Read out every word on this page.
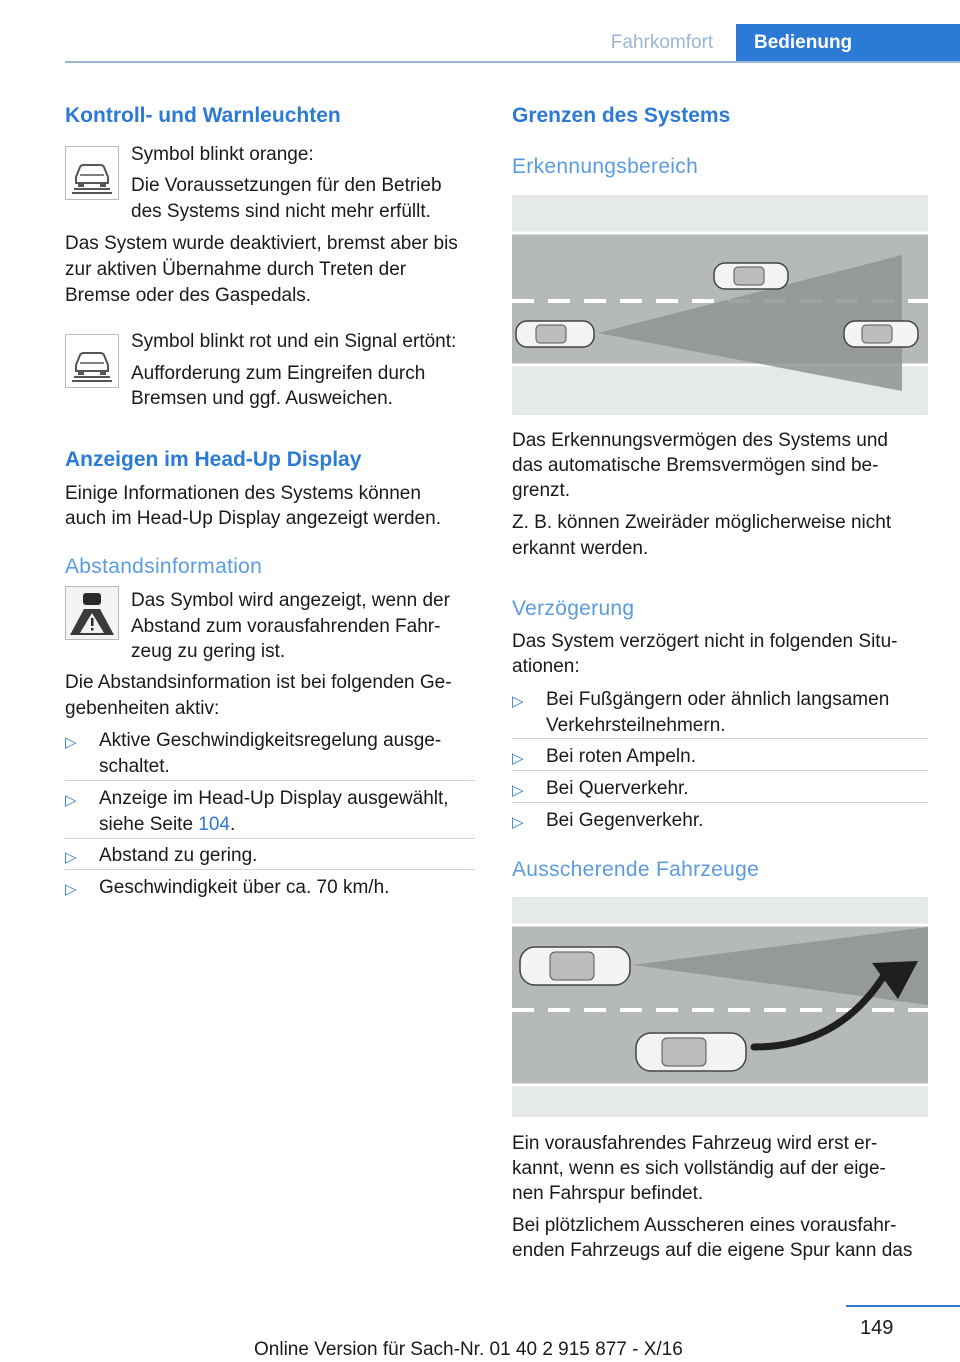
Fahrkomfort	Bedienung
Kontroll- und Warnleuchten
Symbol blinkt orange:
Die Voraussetzungen für den Betrieb
des Systems sind nicht mehr erfüllt.
Das System wurde deaktiviert, bremst aber bis
zur aktiven Übernahme durch Treten der
Bremse oder des Gaspedals.
Symbol blinkt rot und ein Signal ertönt:
Aufforderung zum Eingreifen durch
Bremsen und ggf. Ausweichen.
Anzeigen im Head-Up Display
Einige Informationen des Systems können
auch im Head-Up Display angezeigt werden.
Abstandsinformation
Das Symbol wird angezeigt, wenn der
Abstand zum vorausfahrenden Fahr-
zeug zu gering ist.
Die Abstandsinformation ist bei folgenden Ge-
gebenheiten aktiv:
▷ Aktive Geschwindigkeitsregelung ausge-
schaltet.
▷ Anzeige im Head-Up Display ausgewählt,
siehe Seite 104.
▷ Abstand zu gering.
▷ Geschwindigkeit über ca. 70 km/h.
Grenzen des Systems
Erkennungsbereich
Das Erkennungsvermögen des Systems und
das automatische Bremsvermögen sind be-
grenzt.
Z. B. können Zweiräder möglicherweise nicht
erkannt werden.
Verzögerung
Das System verzögert nicht in folgenden Situ-
ationen:
▷ Bei Fußgängern oder ähnlich langsamen
Verkehrsteilnehmern.
▷ Bei roten Ampeln.
▷ Bei Querverkehr.
▷ Bei Gegenverkehr.
Ausscherende Fahrzeuge
Ein vorausfahrendes Fahrzeug wird erst er-
kannt, wenn es sich vollständig auf der eige-
nen Fahrspur befindet.
Bei plötzlichem Ausscheren eines vorausfahr-
enden Fahrzeugs auf die eigene Spur kann das
149
Online Version für Sach-Nr. 01 40 2 915 877 - X/16
